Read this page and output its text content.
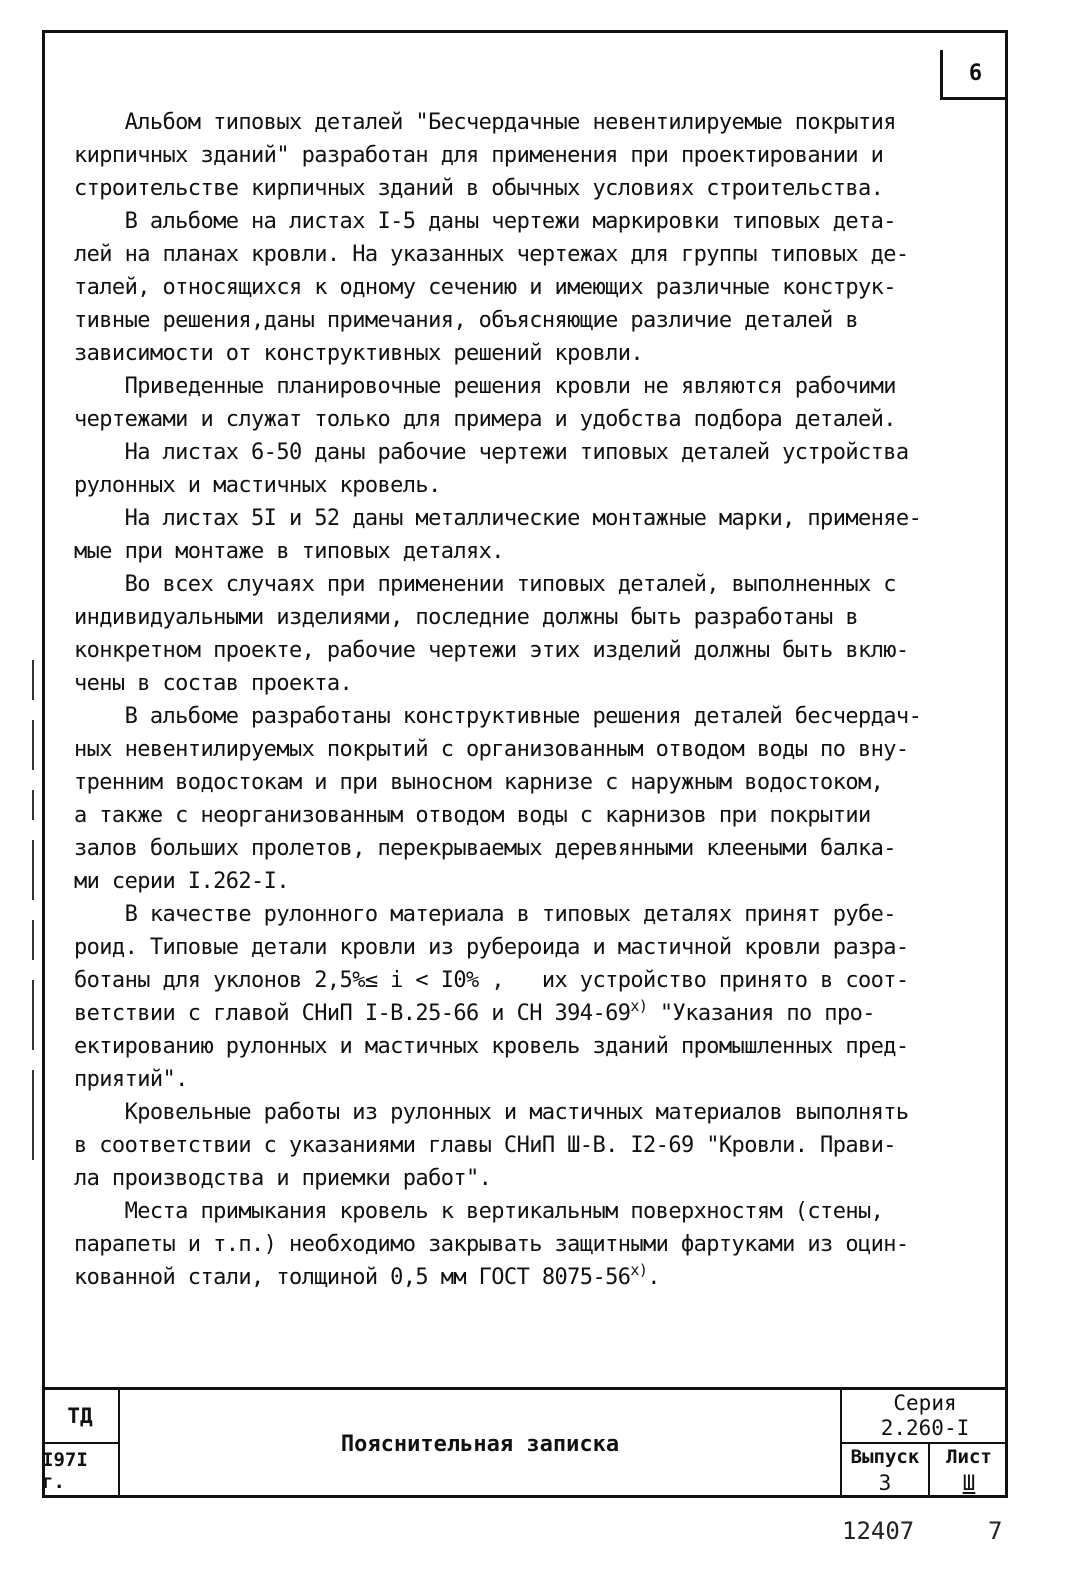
6
Альбом типовых деталей "Бесчердачные невентилируемые покрытия
кирпичных зданий" разработан для применения при проектировании и
строительстве кирпичных зданий в обычных условиях строительства.
В альбоме на листах I-5 даны чертежи маркировки типовых дета-
лей на планах кровли. На указанных чертежах для группы типовых де-
талей, относящихся к одному сечению и имеющих различные конструк-
тивные решения,даны примечания, объясняющие различие деталей в
зависимости от конструктивных решений кровли.
Приведенные планировочные решения кровли не являются рабочими
чертежами и служат только для примера и удобства подбора деталей.
На листах 6-50 даны рабочие чертежи типовых деталей устройства
рулонных и мастичных кровель.
На листах 5I и 52 даны металлические монтажные марки, применяе-
мые при монтаже в типовых деталях.
Во всех случаях при применении типовых деталей, выполненных с
индивидуальными изделиями, последние должны быть разработаны в
конкретном проекте, рабочие чертежи этих изделий должны быть вклю-
чены в состав проекта.
В альбоме разработаны конструктивные решения деталей бесчердач-
ных невентилируемых покрытий с организованным отводом воды по вну-
тренним водостокам и при выносном карнизе с наружным водостоком,
а также с неорганизованным отводом воды с карнизов при покрытии
залов больших пролетов, перекрываемых деревянными клееными балка-
ми серии I.262-I.
В качестве рулонного материала в типовых деталях принят рубе-
роид. Типовые детали кровли из рубероида и мастичной кровли разра-
ботаны для уклонов 2,5%≤ i < I0% ,   их устройство принято в соот-
ветствии с главой СНиП I-В.25-66 и СН 394-69$^{x)}$ "Указания по про-
ектированию рулонных и мастичных кровель зданий промышленных пред-
приятий".
Кровельные работы из рулонных и мастичных материалов выполнять
в соответствии с указаниями главы СНиП Ш-В. I2-69 "Кровли. Прави-
ла производства и приемки работ".
Места примыкания кровель к вертикальным поверхностям (стены,
парапеты и т.п.) необходимо закрывать защитными фартуками из оцин-
кованной стали, толщиной 0,5 мм ГОСТ 8075-56$^{x)}$.
ТД
I97I г.
Пояснительная записка
Серия
2.260-I
Выпуск
3
Лист
Ш
12407	7
